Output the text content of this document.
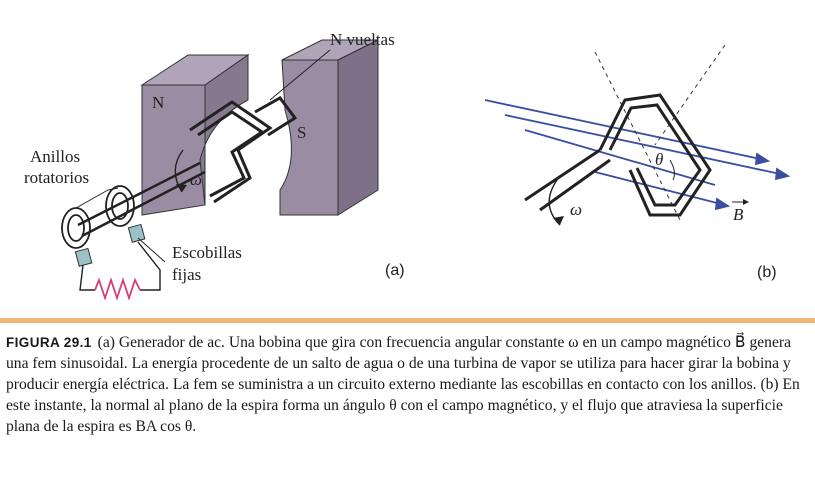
N vueltas
N
S
Anillos
rotatorios	ω
Escobillas
fijas	(a)
θ
ω	B
(b)
FIGURA 29.1 (a) Generador de ac. Una bobina que gira con frecuencia angular constante ω en un campo magnético B⃗ genera una fem sinusoidal. La energía procedente de un salto de agua o de una turbina de vapor se utiliza para hacer girar la bobina y producir energía eléctrica. La fem se suministra a un circuito externo mediante las escobillas en contacto con los anillos. (b) En este instante, la normal al plano de la espira forma un ángulo θ con el campo magnético, y el flujo que atraviesa la superficie plana de la espira es BA cos θ.
